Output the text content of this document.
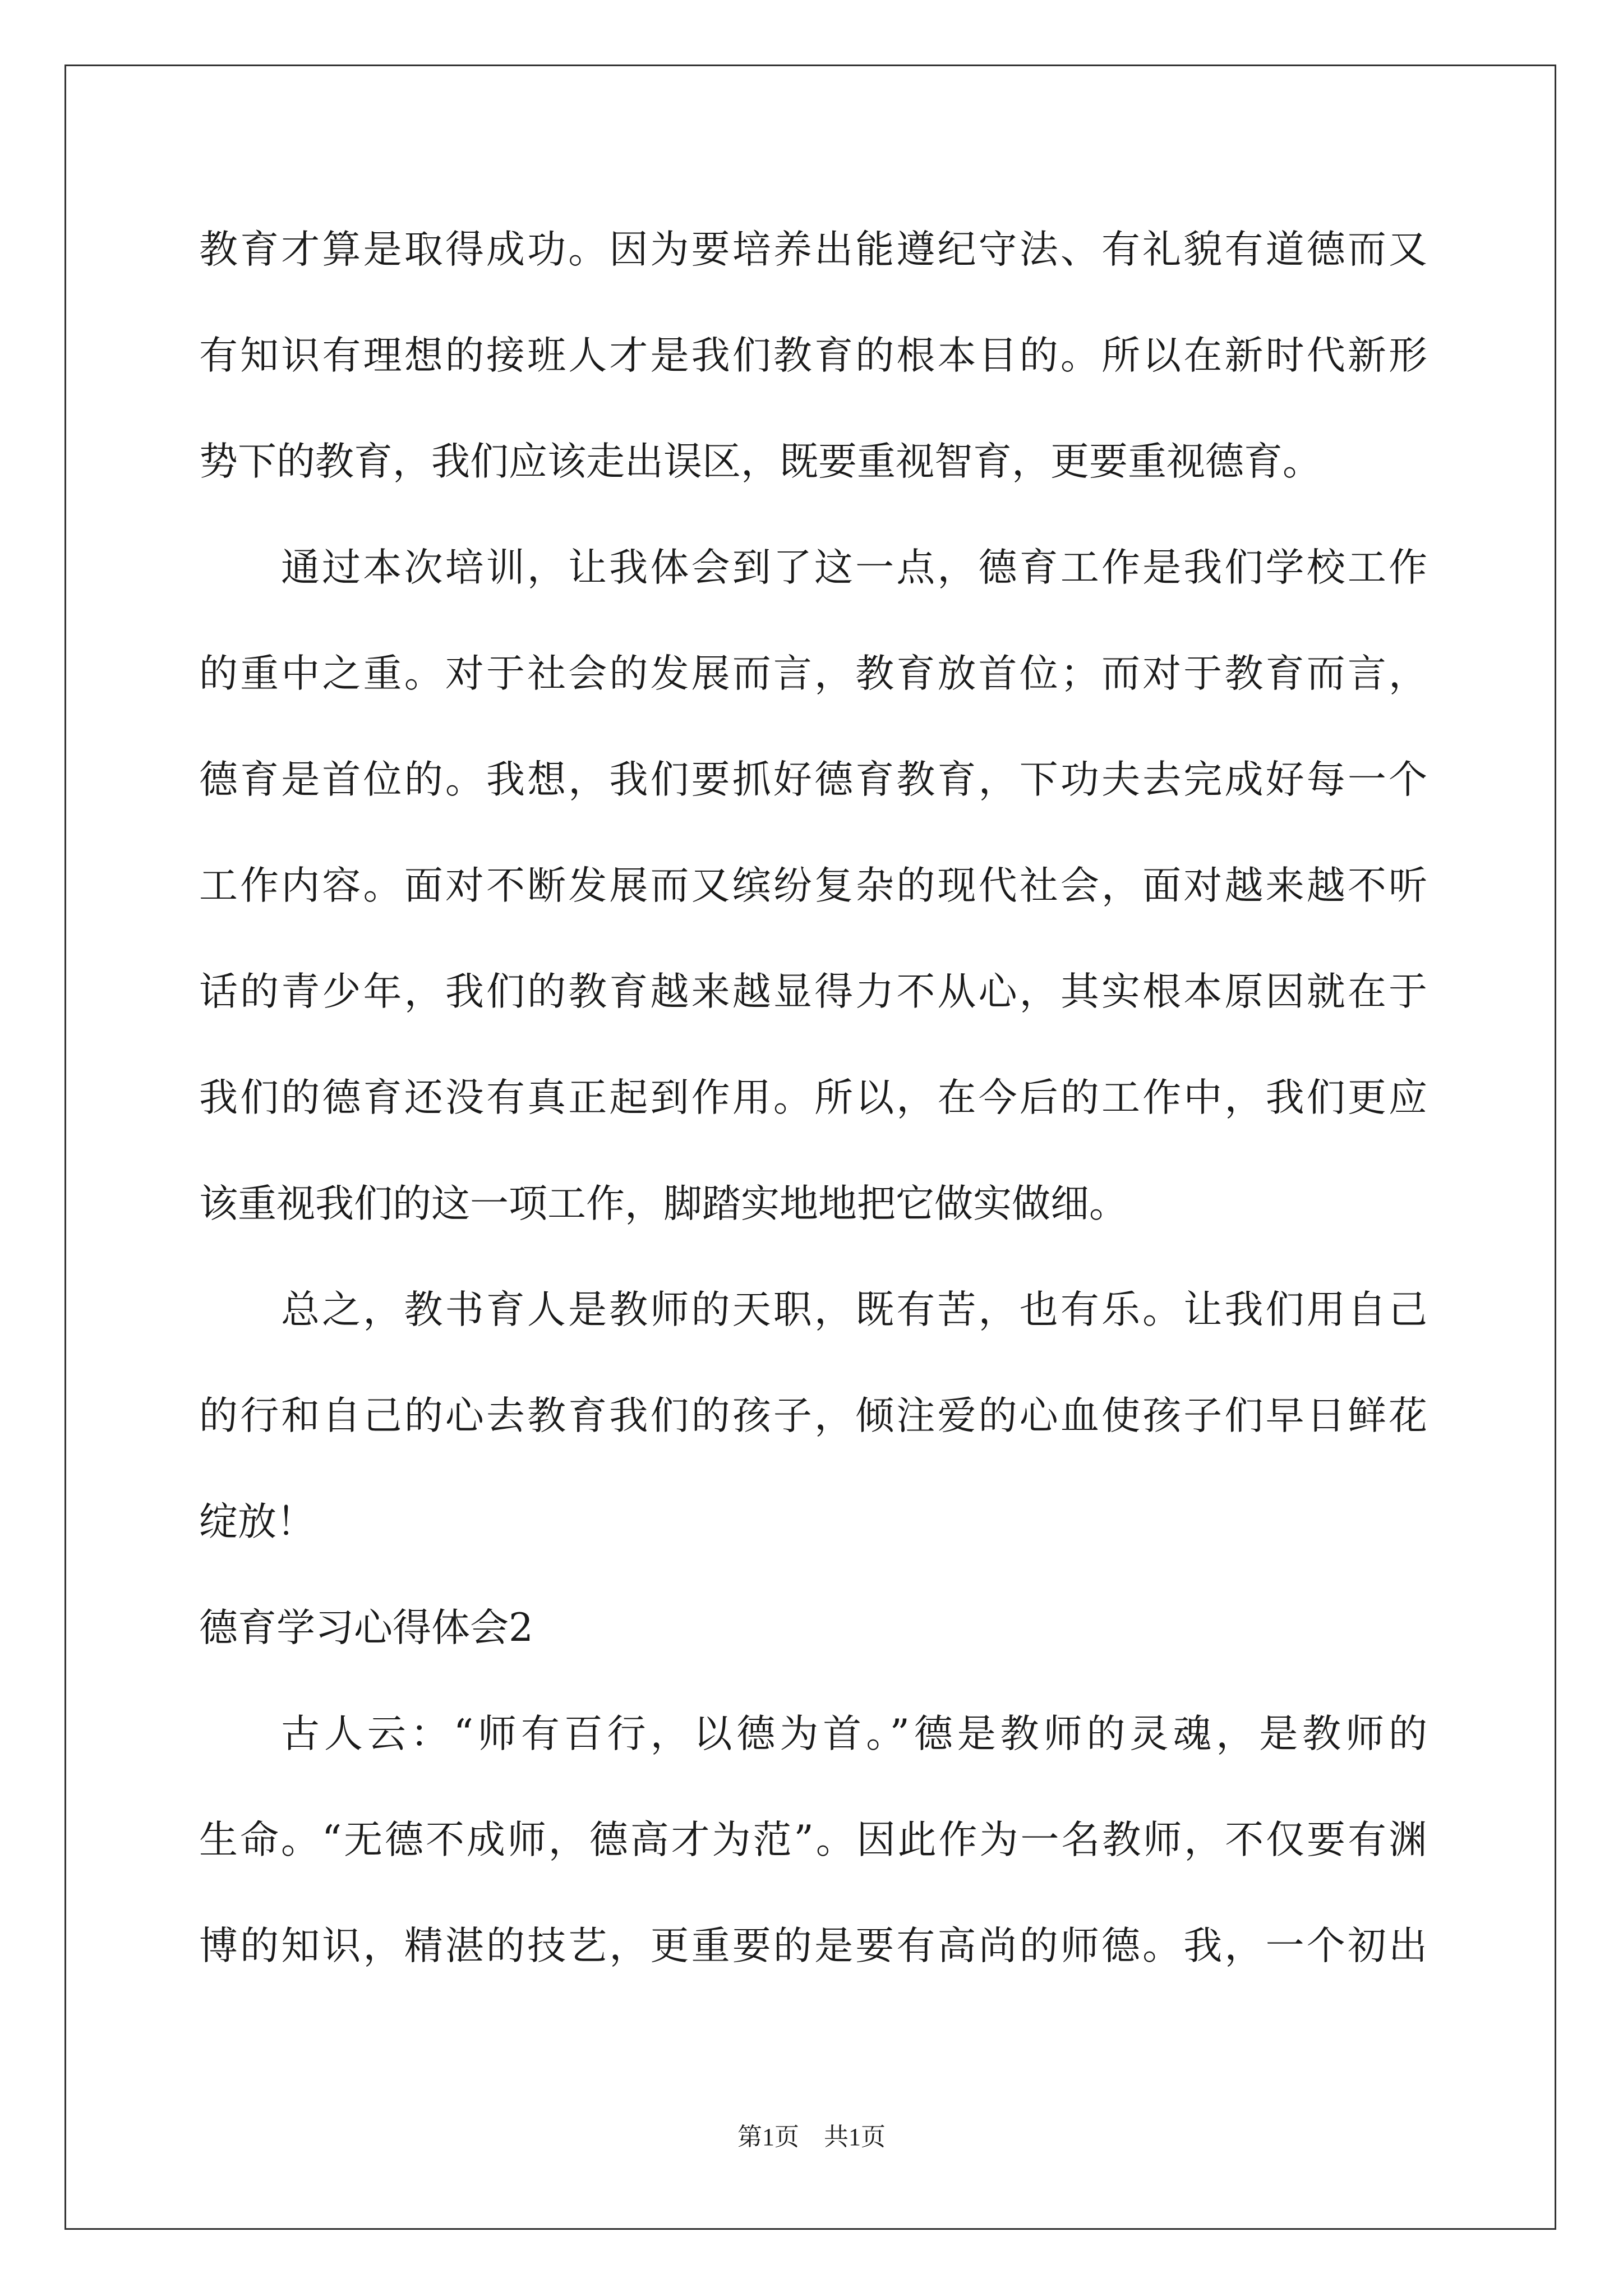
教育才算是取得成功。因为要培养出能遵纪守法、有礼貌有道德而又
有知识有理想的接班人才是我们教育的根本目的。所以在新时代新形
势下的教育，我们应该走出误区，既要重视智育，更要重视德育。
通过本次培训，让我体会到了这一点，德育工作是我们学校工作
的重中之重。对于社会的发展而言，教育放首位；而对于教育而言，
德育是首位的。我想，我们要抓好德育教育，下功夫去完成好每一个
工作内容。面对不断发展而又缤纷复杂的现代社会，面对越来越不听
话的青少年，我们的教育越来越显得力不从心，其实根本原因就在于
我们的德育还没有真正起到作用。所以，在今后的工作中，我们更应
该重视我们的这一项工作，脚踏实地地把它做实做细。
总之，教书育人是教师的天职，既有苦，也有乐。让我们用自己
的行和自己的心去教育我们的孩子，倾注爱的心血使孩子们早日鲜花
绽放！
德育学习心得体会2
古人云：“师有百行，以德为首。”德是教师的灵魂，是教师的
生命。“无德不成师，德高才为范”。因此作为一名教师，不仅要有渊
博的知识，精湛的技艺，更重要的是要有高尚的师德。我，一个初出
第1页 共1页
